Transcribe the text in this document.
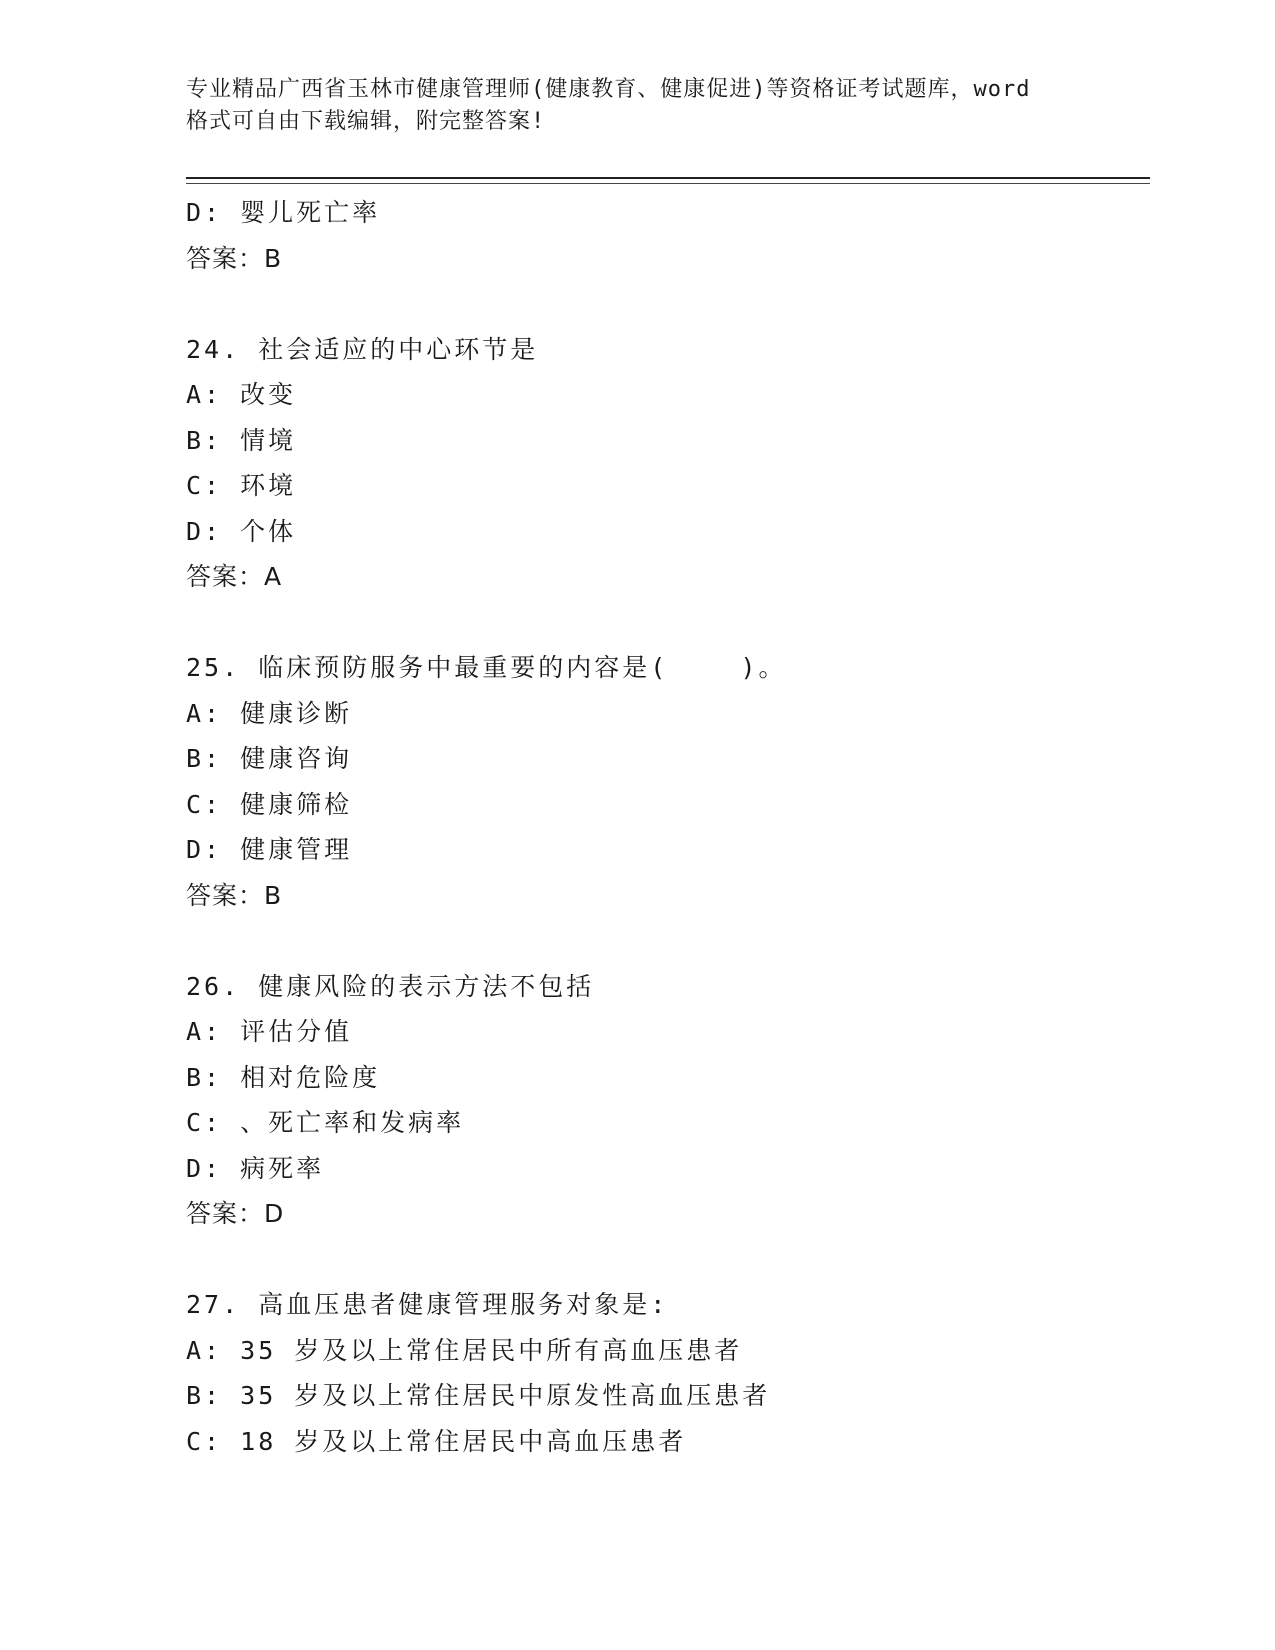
专业精品广西省玉林市健康管理师(健康教育、健康促进)等资格证考试题库，word
格式可自由下载编辑，附完整答案!
D: 婴儿死亡率
答案：B
24. 社会适应的中心环节是
A: 改变
B: 情境
C: 环境
D: 个体
答案：A
25. 临床预防服务中最重要的内容是(    )。
A: 健康诊断
B: 健康咨询
C: 健康筛检
D: 健康管理
答案：B
26. 健康风险的表示方法不包括
A: 评估分值
B: 相对危险度
C: 、死亡率和发病率
D: 病死率
答案：D
27. 高血压患者健康管理服务对象是:
A: 35 岁及以上常住居民中所有高血压患者
B: 35 岁及以上常住居民中原发性高血压患者
C: 18 岁及以上常住居民中高血压患者
